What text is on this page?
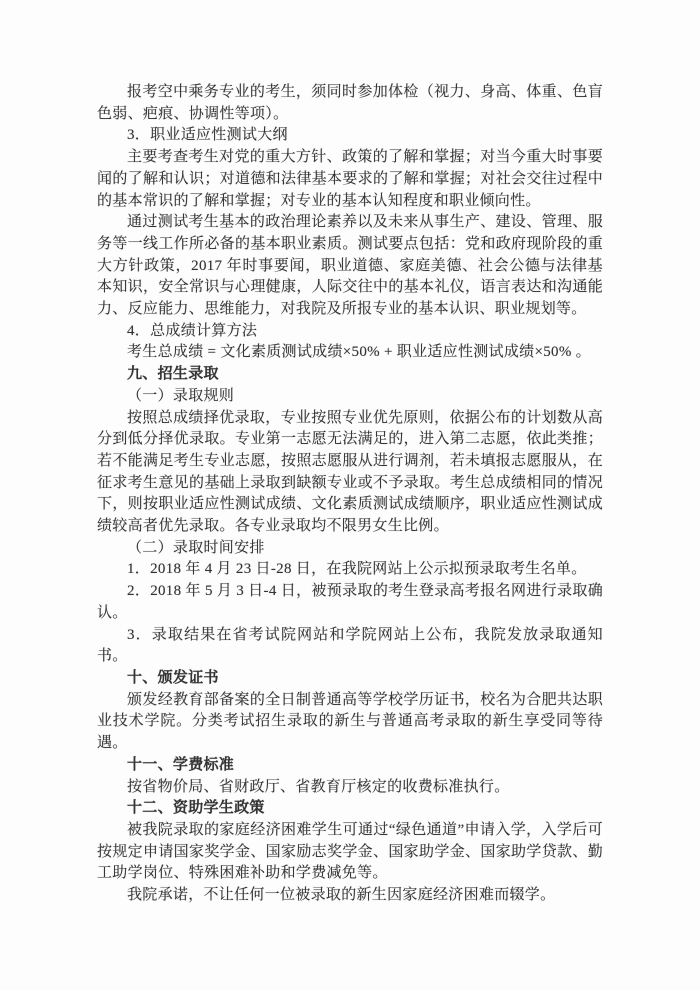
报考空中乘务专业的考生，须同时参加体检（视力、身高、体重、色盲色弱、疤痕、协调性等项）。

3．职业适应性测试大纲

主要考查考生对党的重大方针、政策的了解和掌握；对当今重大时事要闻的了解和认识；对道德和法律基本要求的了解和掌握；对社会交往过程中的基本常识的了解和掌握；对专业的基本认知程度和职业倾向性。

通过测试考生基本的政治理论素养以及未来从事生产、建设、管理、服务等一线工作所必备的基本职业素质。测试要点包括：党和政府现阶段的重大方针政策，2017 年时事要闻，职业道德、家庭美德、社会公德与法律基本知识，安全常识与心理健康，人际交往中的基本礼仪，语言表达和沟通能力、反应能力、思维能力，对我院及所报专业的基本认识、职业规划等。

4．总成绩计算方法

考生总成绩 = 文化素质测试成绩×50% + 职业适应性测试成绩×50% 。

九、招生录取

（一）录取规则

按照总成绩择优录取，专业按照专业优先原则，依据公布的计划数从高分到低分择优录取。专业第一志愿无法满足的，进入第二志愿，依此类推；若不能满足考生专业志愿，按照志愿服从进行调剂，若未填报志愿服从，在征求考生意见的基础上录取到缺额专业或不予录取。考生总成绩相同的情况下，则按职业适应性测试成绩、文化素质测试成绩顺序，职业适应性测试成绩较高者优先录取。各专业录取均不限男女生比例。

（二）录取时间安排

1．2018 年 4 月 23 日-28 日，在我院网站上公示拟预录取考生名单。

2．2018 年 5 月 3 日-4 日，被预录取的考生登录高考报名网进行录取确认。

3．录取结果在省考试院网站和学院网站上公布，我院发放录取通知书。

十、颁发证书

颁发经教育部备案的全日制普通高等学校学历证书，校名为合肥共达职业技术学院。分类考试招生录取的新生与普通高考录取的新生享受同等待遇。

十一、学费标准

按省物价局、省财政厅、省教育厅核定的收费标准执行。

十二、资助学生政策

被我院录取的家庭经济困难学生可通过“绿色通道”申请入学，入学后可按规定申请国家奖学金、国家励志奖学金、国家助学金、国家助学贷款、勤工助学岗位、特殊困难补助和学费减免等。

我院承诺，不让任何一位被录取的新生因家庭经济困难而辍学。
